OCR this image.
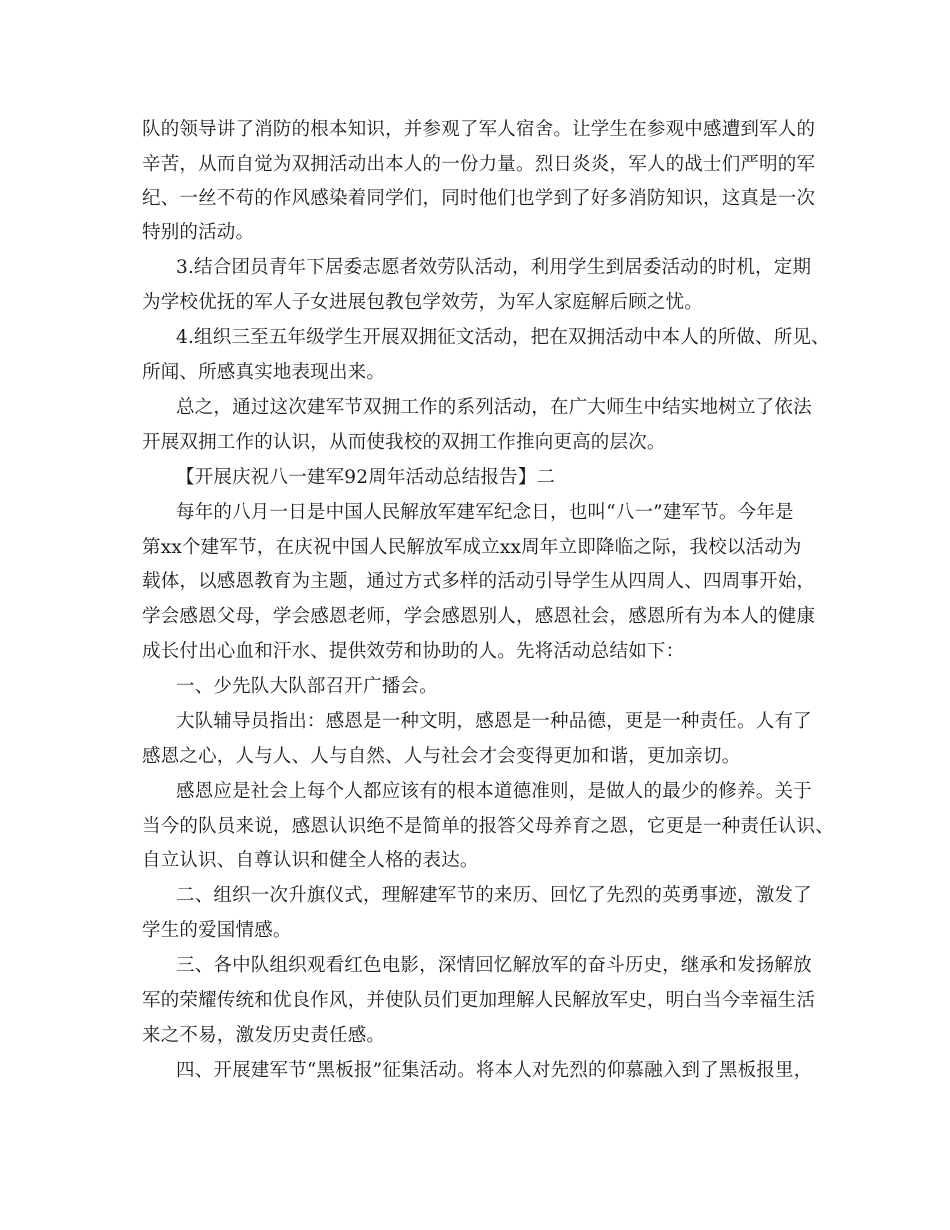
队的领导讲了消防的根本知识，并参观了军人宿舍。让学生在参观中感遭到军人的
辛苦，从而自觉为双拥活动出本人的一份力量。烈日炎炎，军人的战士们严明的军
纪、一丝不苟的作风感染着同学们，同时他们也学到了好多消防知识，这真是一次
特别的活动。
3.结合团员青年下居委志愿者效劳队活动，利用学生到居委活动的时机，定期
为学校优抚的军人子女进展包教包学效劳，为军人家庭解后顾之忧。
4.组织三至五年级学生开展双拥征文活动，把在双拥活动中本人的所做、所见、
所闻、所感真实地表现出来。
总之，通过这次建军节双拥工作的系列活动，在广大师生中结实地树立了依法
开展双拥工作的认识，从而使我校的双拥工作推向更高的层次。
【开展庆祝八一建军92周年活动总结报告】二
每年的八月一日是中国人民解放军建军纪念日，也叫“八一”建军节。今年是
第xx个建军节，在庆祝中国人民解放军成立xx周年立即降临之际，我校以活动为
载体，以感恩教育为主题，通过方式多样的活动引导学生从四周人、四周事开始，
学会感恩父母，学会感恩老师，学会感恩别人，感恩社会，感恩所有为本人的健康
成长付出心血和汗水、提供效劳和协助的人。先将活动总结如下：
一、少先队大队部召开广播会。
大队辅导员指出：感恩是一种文明，感恩是一种品德，更是一种责任。人有了
感恩之心，人与人、人与自然、人与社会才会变得更加和谐，更加亲切。
感恩应是社会上每个人都应该有的根本道德准则，是做人的最少的修养。关于
当今的队员来说，感恩认识绝不是简单的报答父母养育之恩，它更是一种责任认识、
自立认识、自尊认识和健全人格的表达。
二、组织一次升旗仪式，理解建军节的来历、回忆了先烈的英勇事迹，激发了
学生的爱国情感。
三、各中队组织观看红色电影，深情回忆解放军的奋斗历史，继承和发扬解放
军的荣耀传统和优良作风，并使队员们更加理解人民解放军史，明白当今幸福生活
来之不易，激发历史责任感。
四、开展建军节“黑板报”征集活动。将本人对先烈的仰慕融入到了黑板报里，
